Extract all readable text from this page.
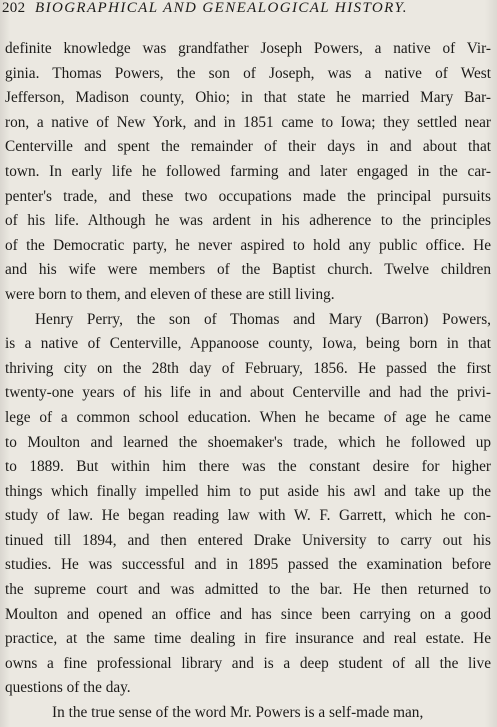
202 BIOGRAPHICAL AND GENEALOGICAL HISTORY.
definite knowledge was grandfather Joseph Powers, a native of Vir-
ginia. Thomas Powers, the son of Joseph, was a native of West
Jefferson, Madison county, Ohio; in that state he married Mary Bar-
ron, a native of New York, and in 1851 came to Iowa; they settled near
Centerville and spent the remainder of their days in and about that
town. In early life he followed farming and later engaged in the car-
penter's trade, and these two occupations made the principal pursuits
of his life. Although he was ardent in his adherence to the principles
of the Democratic party, he never aspired to hold any public office. He
and his wife were members of the Baptist church. Twelve children
were born to them, and eleven of these are still living.
Henry Perry, the son of Thomas and Mary (Barron) Powers,
is a native of Centerville, Appanoose county, Iowa, being born in that
thriving city on the 28th day of February, 1856. He passed the first
twenty-one years of his life in and about Centerville and had the privi-
lege of a common school education. When he became of age he came
to Moulton and learned the shoemaker's trade, which he followed up
to 1889. But within him there was the constant desire for higher
things which finally impelled him to put aside his awl and take up the
study of law. He began reading law with W. F. Garrett, which he con-
tinued till 1894, and then entered Drake University to carry out his
studies. He was successful and in 1895 passed the examination before
the supreme court and was admitted to the bar. He then returned to
Moulton and opened an office and has since been carrying on a good
practice, at the same time dealing in fire insurance and real estate. He
owns a fine professional library and is a deep student of all the live
questions of the day.
In the true sense of the word Mr. Powers is a self-made man,
